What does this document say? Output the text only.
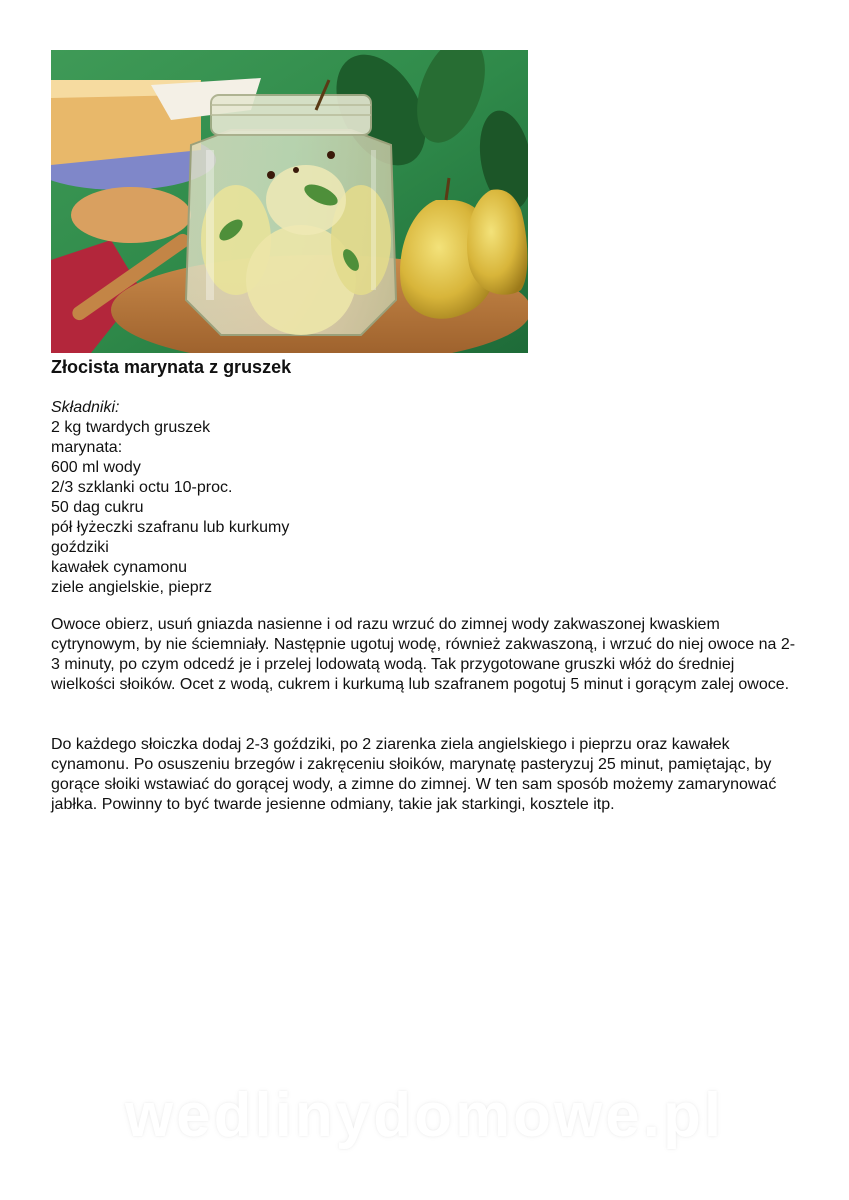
Złocista marynata z gruszek
Składniki:
2 kg twardych gruszek
marynata:
600 ml wody
2/3 szklanki octu 10-proc.
50 dag cukru
pół łyżeczki szafranu lub kurkumy
goździki
kawałek cynamonu
ziele angielskie, pieprz

Owoce obierz, usuń gniazda nasienne i od razu wrzuć do zimnej wody zakwaszonej kwaskiem cytrynowym, by nie ściemniały. Następnie ugotuj wodę, również zakwaszoną, i wrzuć do niej owoce na 2-3 minuty, po czym odcedź je i przelej lodowatą wodą. Tak przygotowane gruszki włóż do średniej wielkości słoików. Ocet z wodą, cukrem i kurkumą lub szafranem pogotuj 5 minut i gorącym zalej owoce.

Do każdego słoiczka dodaj 2-3 goździki, po 2 ziarenka ziela angielskiego i pieprzu oraz kawałek cynamonu. Po osuszeniu brzegów i zakręceniu słoików, marynatę pasteryzuj 25 minut, pamiętając, by gorące słoiki wstawiać do gorącej wody, a zimne do zimnej. W ten sam sposób możemy zamarynować jabłka. Powinny to być twarde jesienne odmiany, takie jak starkingi, kosztele itp.

wedlinydomowe.pl
